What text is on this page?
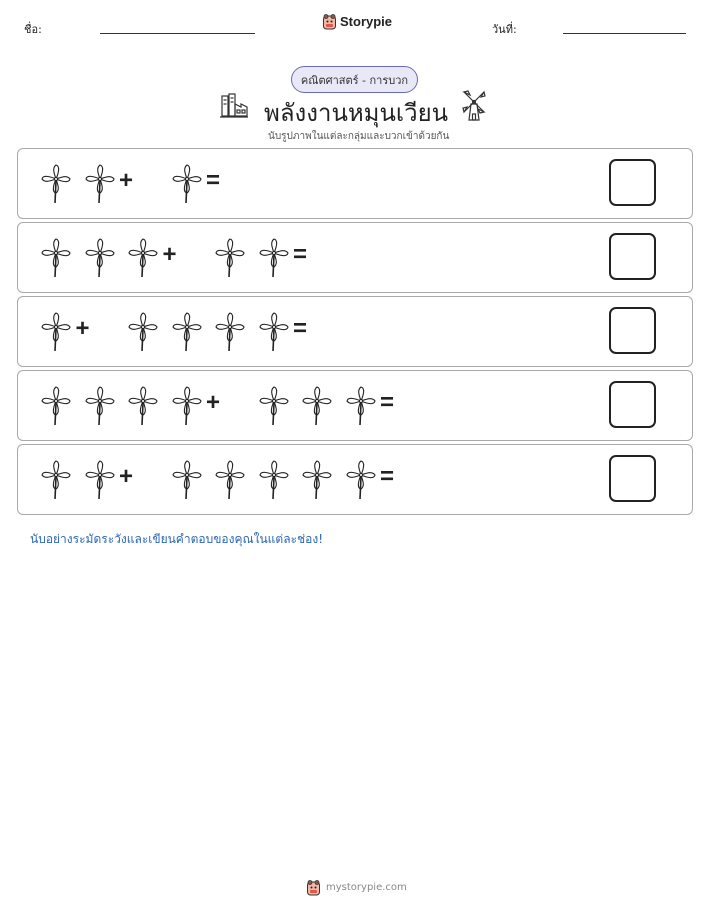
ชื่อ:
Storypie
วันที่:
คณิตศาสตร์ - การบวก
พลังงานหมุนเวียน
นับรูปภาพในแต่ละกลุ่มและบวกเข้าด้วยกัน
+	=
+	=
+	=
+	=
+	=
นับอย่างระมัดระวังและเขียนคำตอบของคุณในแต่ละช่อง!
mystorypie.com
